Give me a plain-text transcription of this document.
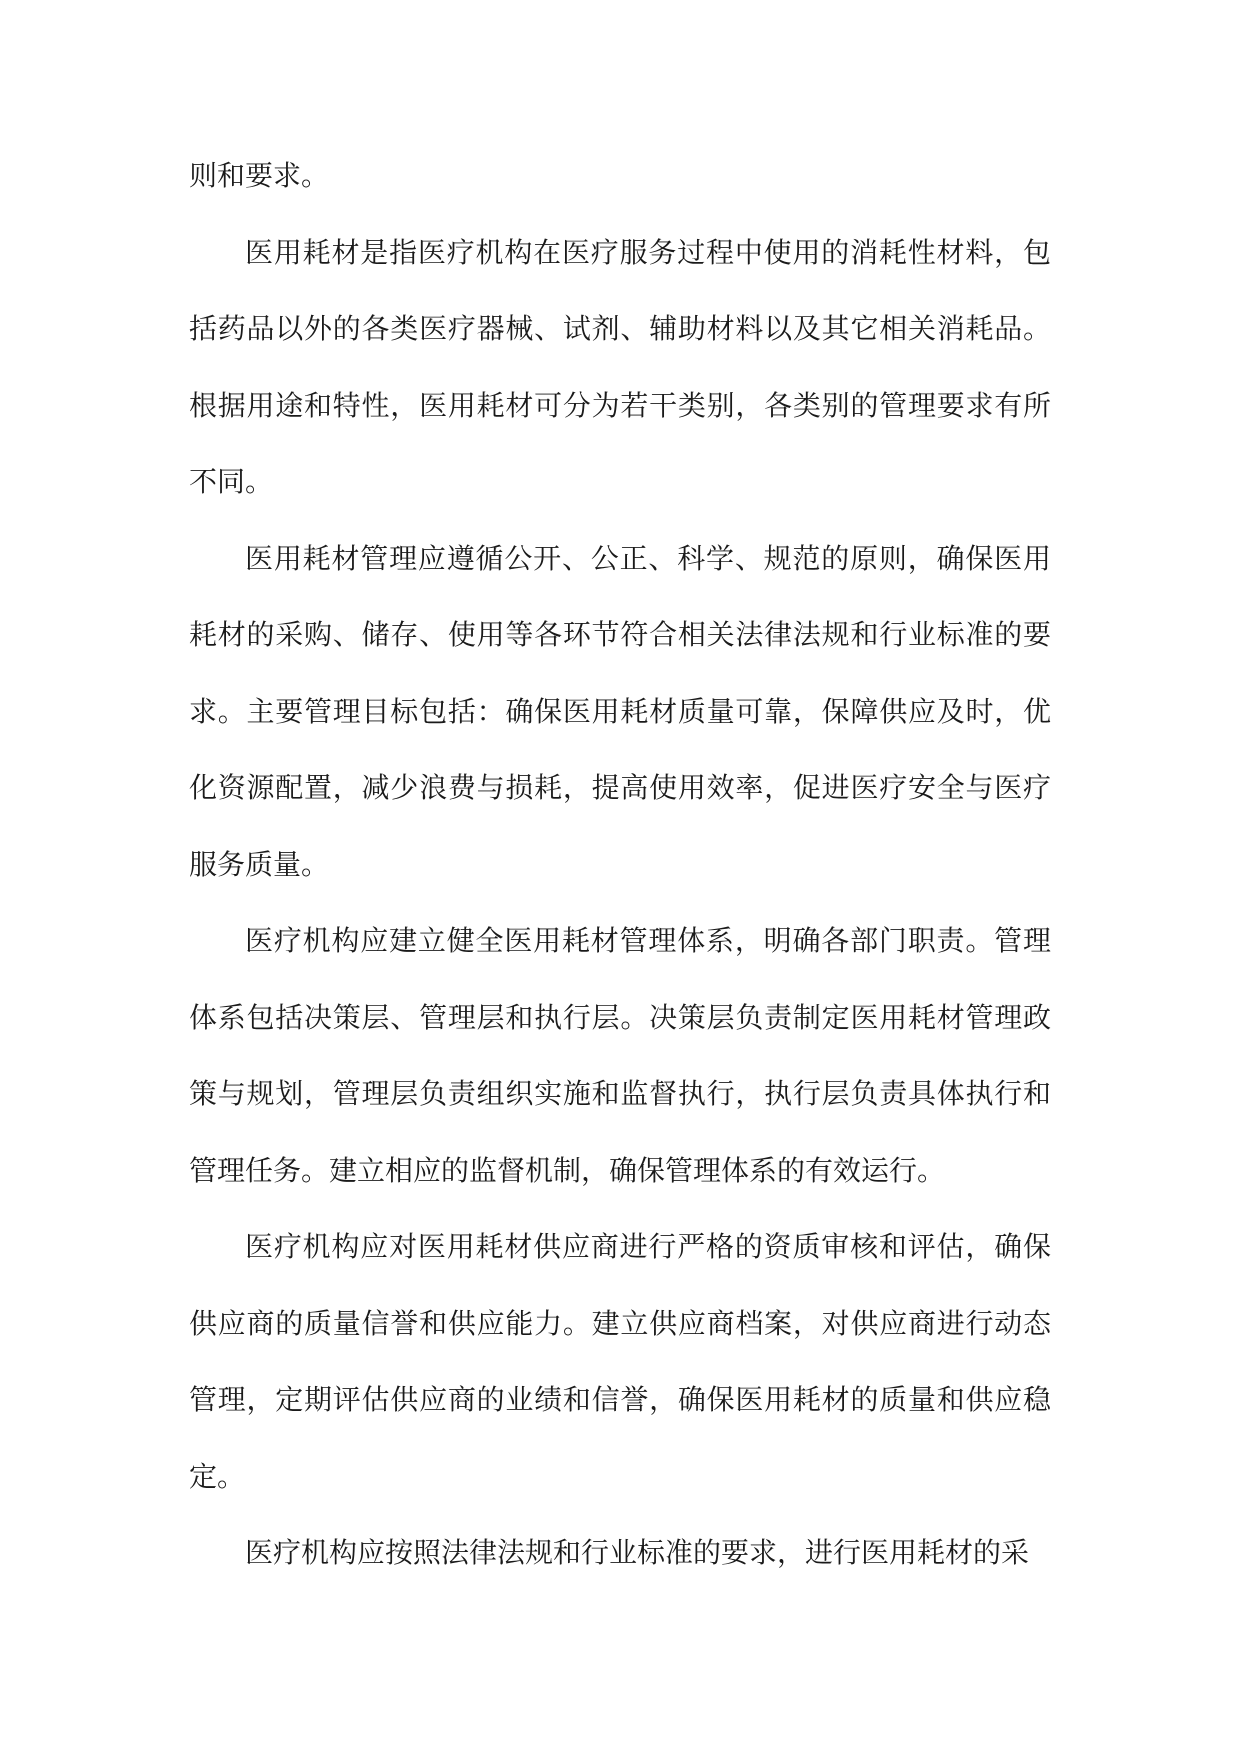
则和要求。

医用耗材是指医疗机构在医疗服务过程中使用的消耗性材料，包括药品以外的各类医疗器械、试剂、辅助材料以及其它相关消耗品。根据用途和特性，医用耗材可分为若干类别，各类别的管理要求有所不同。

医用耗材管理应遵循公开、公正、科学、规范的原则，确保医用耗材的采购、储存、使用等各环节符合相关法律法规和行业标准的要求。主要管理目标包括：确保医用耗材质量可靠，保障供应及时，优化资源配置，减少浪费与损耗，提高使用效率，促进医疗安全与医疗服务质量。

医疗机构应建立健全医用耗材管理体系，明确各部门职责。管理体系包括决策层、管理层和执行层。决策层负责制定医用耗材管理政策与规划，管理层负责组织实施和监督执行，执行层负责具体执行和管理任务。建立相应的监督机制，确保管理体系的有效运行。

医疗机构应对医用耗材供应商进行严格的资质审核和评估，确保供应商的质量信誉和供应能力。建立供应商档案，对供应商进行动态管理，定期评估供应商的业绩和信誉，确保医用耗材的质量和供应稳定。

医疗机构应按照法律法规和行业标准的要求，进行医用耗材的采
